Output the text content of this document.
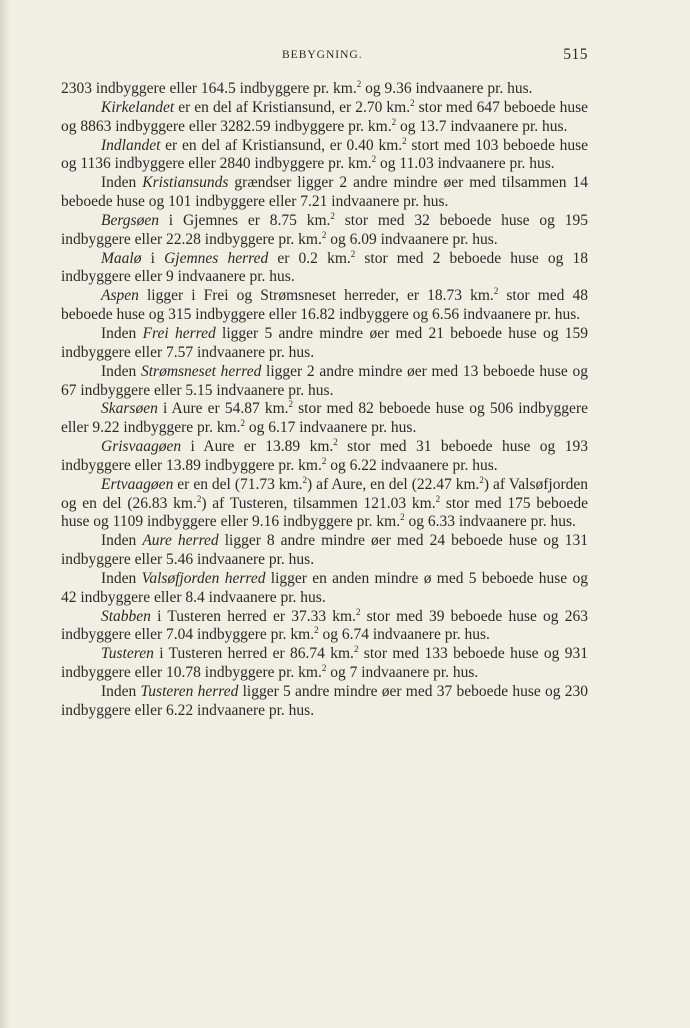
BEBYGNING.	515

2303 indbyggere eller 164.5 indbyggere pr. km.$^2$ og 9.36 indvaanere pr. hus.

Kirkelandet er en del af Kristiansund, er 2.70 km.$^2$ stor med 647 beboede huse og 8863 indbyggere eller 3282.59 indbyggere pr. km.$^2$ og 13.7 indvaanere pr. hus.

Indlandet er en del af Kristiansund, er 0.40 km.$^2$ stort med 103 beboede huse og 1136 indbyggere eller 2840 indbyggere pr. km.$^2$ og 11.03 indvaanere pr. hus.

Inden Kristiansunds grændser ligger 2 andre mindre øer med tilsammen 14 beboede huse og 101 indbyggere eller 7.21 indvaanere pr. hus.

Bergsøen i Gjemnes er 8.75 km.$^2$ stor med 32 beboede huse og 195 indbyggere eller 22.28 indbyggere pr. km.$^2$ og 6.09 indvaanere pr. hus.

Maalø i Gjemnes herred er 0.2 km.$^2$ stor med 2 beboede huse og 18 indbyggere eller 9 indvaanere pr. hus.

Aspen ligger i Frei og Strømsneset herreder, er 18.73 km.$^2$ stor med 48 beboede huse og 315 indbyggere eller 16.82 indbyggere og 6.56 indvaanere pr. hus.

Inden Frei herred ligger 5 andre mindre øer med 21 beboede huse og 159 indbyggere eller 7.57 indvaanere pr. hus.

Inden Strømsneset herred ligger 2 andre mindre øer med 13 beboede huse og 67 indbyggere eller 5.15 indvaanere pr. hus.

Skarsøen i Aure er 54.87 km.$^2$ stor med 82 beboede huse og 506 indbyggere eller 9.22 indbyggere pr. km.$^2$ og 6.17 indvaanere pr. hus.

Grisvaagøen i Aure er 13.89 km.$^2$ stor med 31 beboede huse og 193 indbyggere eller 13.89 indbyggere pr. km.$^2$ og 6.22 indvaanere pr. hus.

Ertvaagøen er en del (71.73 km.$^2$) af Aure, en del (22.47 km.$^2$) af Valsøfjorden og en del (26.83 km.$^2$) af Tusteren, tilsammen 121.03 km.$^2$ stor med 175 beboede huse og 1109 indbyggere eller 9.16 indbyggere pr. km.$^2$ og 6.33 indvaanere pr. hus.

Inden Aure herred ligger 8 andre mindre øer med 24 beboede huse og 131 indbyggere eller 5.46 indvaanere pr. hus.

Inden Valsøfjorden herred ligger en anden mindre ø med 5 beboede huse og 42 indbyggere eller 8.4 indvaanere pr. hus.

Stabben i Tusteren herred er 37.33 km.$^2$ stor med 39 beboede huse og 263 indbyggere eller 7.04 indbyggere pr. km.$^2$ og 6.74 indvaanere pr. hus.

Tusteren i Tusteren herred er 86.74 km.$^2$ stor med 133 beboede huse og 931 indbyggere eller 10.78 indbyggere pr. km.$^2$ og 7 indvaanere pr. hus.

Inden Tusteren herred ligger 5 andre mindre øer med 37 beboede huse og 230 indbyggere eller 6.22 indvaanere pr. hus.
